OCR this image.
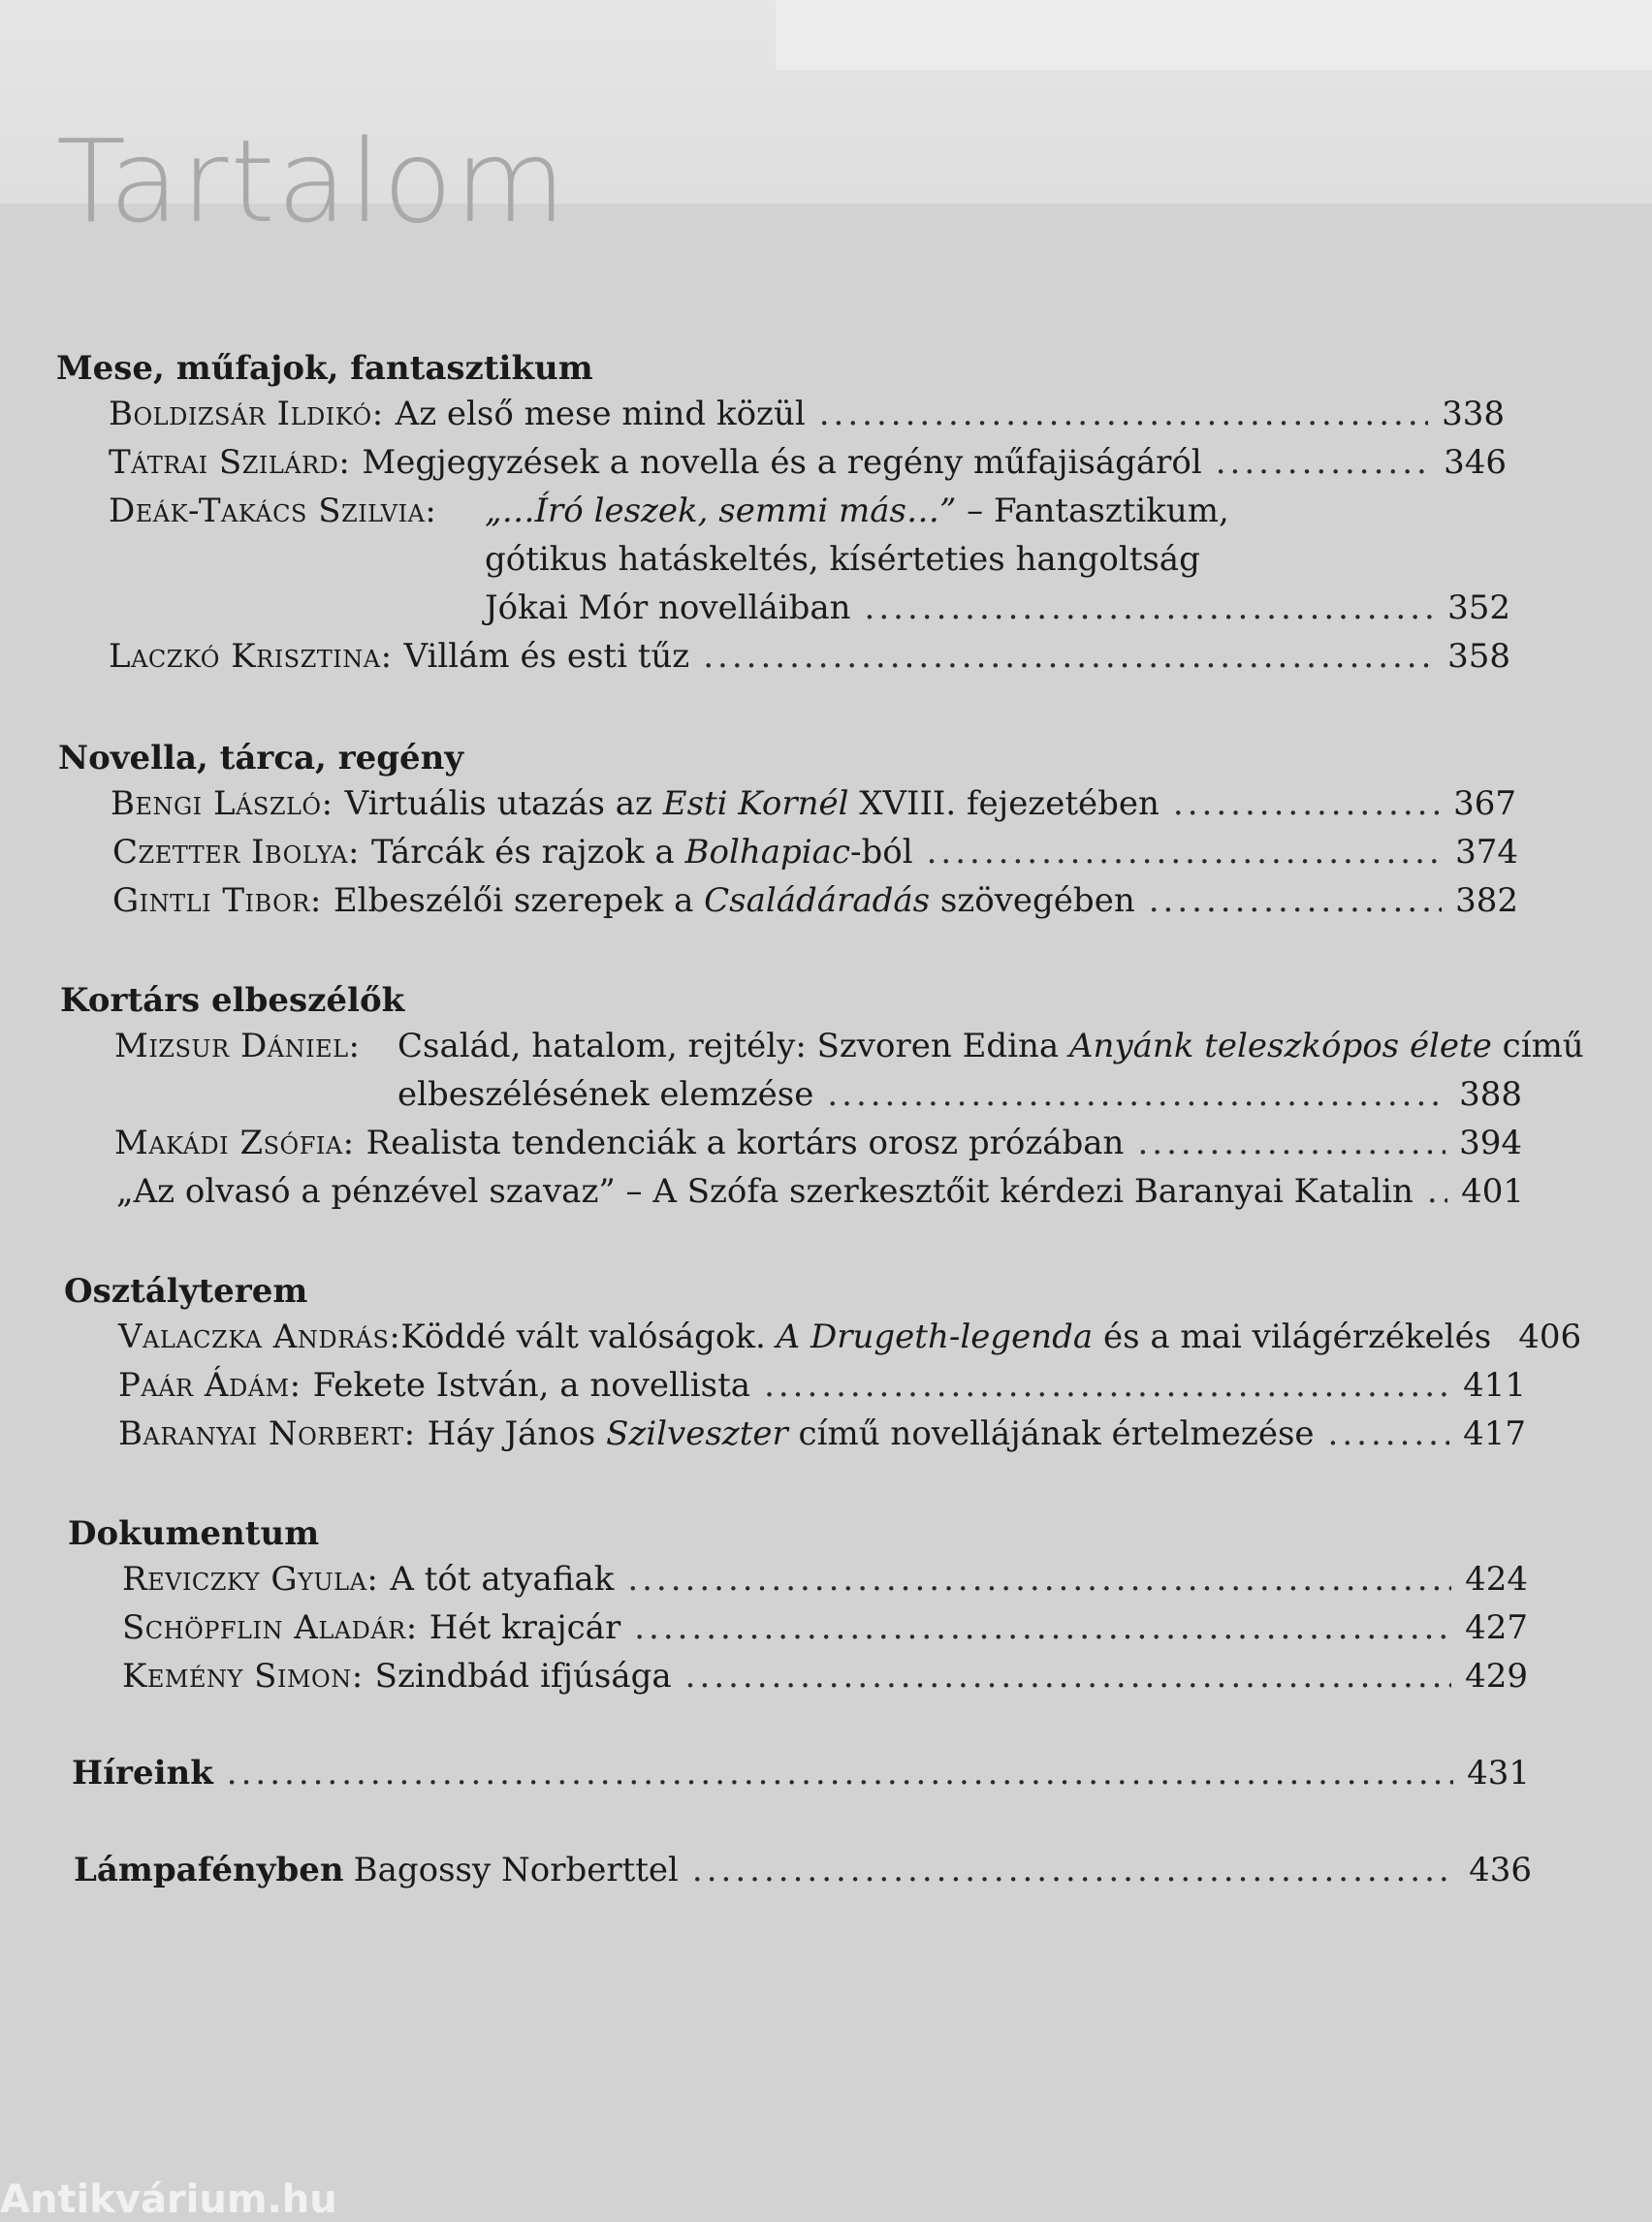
Tartalom
Mese, műfajok, fantasztikum
Boldizsár Ildikó: Az első mese mind közül .....	338
Tátrai Szilárd: Megjegyzések a novella és a regény műfajiságáról .....	346
Deák-Takács Szilvia: „…Író leszek, semmi más…” – Fantasztikum,
gótikus hatáskeltés, kísérteties hangoltság
Jókai Mór novelláiban .....	352
Laczkó Krisztina: Villám és esti tűz .....	358
Novella, tárca, regény
Bengi László: Virtuális utazás az Esti Kornél XVIII. fejezetében .....	367
Czetter Ibolya: Tárcák és rajzok a Bolhapiac-ból .....	374
Gintli Tibor: Elbeszélői szerepek a Családáradás szövegében .....	382
Kortárs elbeszélők
Mizsur Dániel: Család, hatalom, rejtély: Szvoren Edina Anyánk teleszkópos élete című
elbeszélésének elemzése .....	388
Makádi Zsófia: Realista tendenciák a kortárs orosz prózában .....	394
„Az olvasó a pénzével szavaz” – A Szófa szerkesztőit kérdezi Baranyai Katalin ..... 401
Osztályterem
Valaczka András: Köddé vált valóságok. A Drugeth-legenda és a mai világérzékelés 406
Paár Ádám: Fekete István, a novellista .....	411
Baranyai Norbert: Háy János Szilveszter című novellájának értelmezése .....	417
Dokumentum
Reviczky Gyula: A tót atyafiak .....	424
Schöpflin Aladár: Hét krajcár .....	427
Kemény Simon: Szindbád ifjúsága .....	429
Híreink .....	431
Lámpafényben Bagossy Norberttel .....	436
Antikvárium.hu
